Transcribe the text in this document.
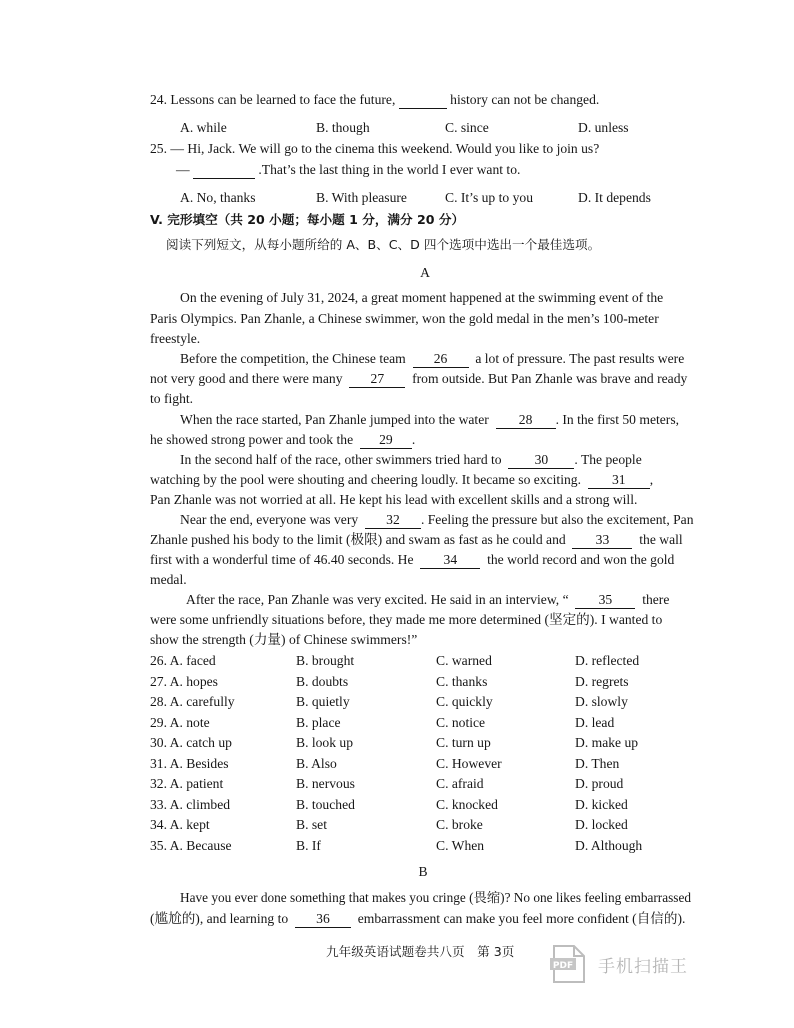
24. Lessons can be learned to face the future,	history can not be changed.
A. while	B. though	C. since	D. unless
25. — Hi, Jack. We will go to the cinema this weekend. Would you like to join us?
—	.That’s the last thing in the world I ever want to.
A. No, thanks	B. With pleasure	C. It’s up to you	D. It depends
V. 完形填空（共 20 小题；每小题 1 分，满分 20 分）
阅读下列短文，从每小题所给的 A、B、C、D 四个选项中选出一个最佳选项。
A
On the evening of July 31, 2024, a great moment happened at the swimming event of the
Paris Olympics. Pan Zhanle, a Chinese swimmer, won the gold medal in the men’s 100-meter
freestyle.
Before the competition, the Chinese team 26 a lot of pressure. The past results were
not very good and there were many 27 from outside. But Pan Zhanle was brave and ready
to fight.
When the race started, Pan Zhanle jumped into the water 28 . In the first 50 meters,
he showed strong power and took the 29 .
In the second half of the race, other swimmers tried hard to 30 . The people
watching by the pool were shouting and cheering loudly. It became so exciting. 31 ,
Pan Zhanle was not worried at all. He kept his lead with excellent skills and a strong will.
Near the end, everyone was very 32 . Feeling the pressure but also the excitement, Pan
Zhanle pushed his body to the limit (极限) and swam as fast as he could and 33 the wall
first with a wonderful time of 46.40 seconds. He 34 the world record and won the gold
medal.
After the race, Pan Zhanle was very excited. He said in an interview, “ 35 there
were some unfriendly situations before, they made me more determined (坚定的). I wanted to
show the strength (力量) of Chinese swimmers!”
26. A. faced	B. brought	C. warned	D. reflected
27. A. hopes	B. doubts	C. thanks	D. regrets
28. A. carefully	B. quietly	C. quickly	D. slowly
29. A. note	B. place	C. notice	D. lead
30. A. catch up	B. look up	C. turn up	D. make up
31. A. Besides	B. Also	C. However	D. Then
32. A. patient	B. nervous	C. afraid	D. proud
33. A. climbed	B. touched	C. knocked	D. kicked
34. A. kept	B. set	C. broke	D. locked
35. A. Because	B. If	C. When	D. Although
B
Have you ever done something that makes you cringe (畏缩)? No one likes feeling embarrassed
(尴尬的), and learning to 36 embarrassment can make you feel more confident (自信的).
九年级英语试题卷共八页　第 3页
PDF 手机扫描王
